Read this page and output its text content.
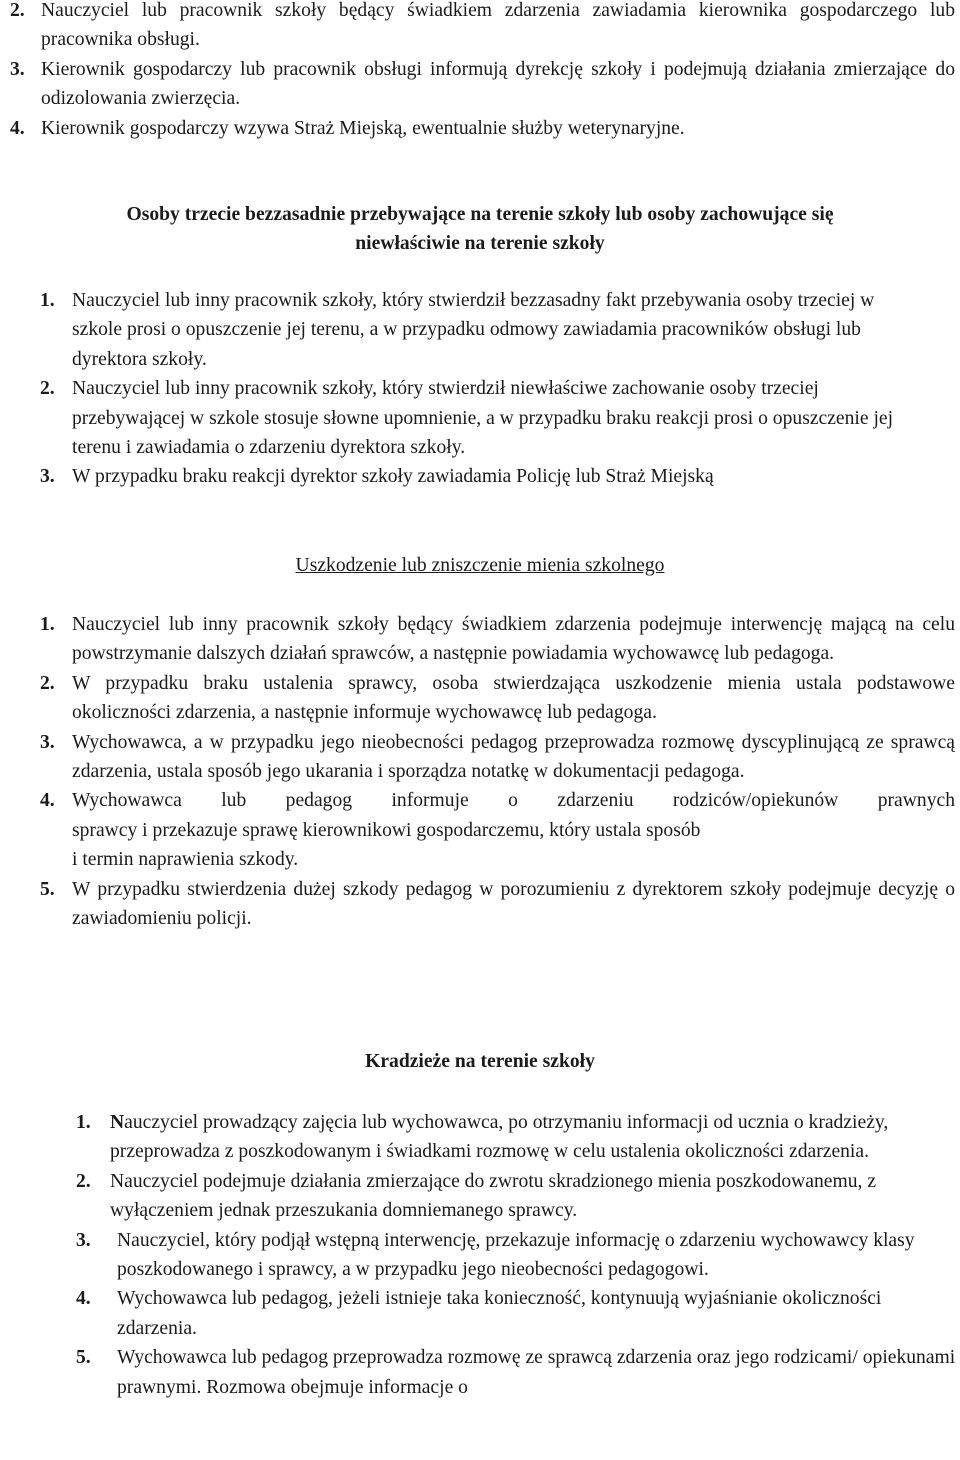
2. Nauczyciel lub pracownik szkoły będący świadkiem zdarzenia zawiadamia kierownika gospodarczego lub pracownika obsługi.
3. Kierownik gospodarczy lub pracownik obsługi informują dyrekcję szkoły i podejmują działania zmierzające do odizolowania zwierzęcia.
4. Kierownik gospodarczy wzywa Straż Miejską, ewentualnie służby weterynaryjne.
Osoby trzecie bezzasadnie przebywające na terenie szkoły lub osoby zachowujące się
niewłaściwie na terenie szkoły
1. Nauczyciel lub inny pracownik szkoły, który stwierdził bezzasadny fakt przebywania osoby trzeciej w szkole prosi o opuszczenie jej terenu, a w przypadku odmowy zawiadamia pracowników obsługi lub dyrektora szkoły.
2. Nauczyciel lub inny pracownik szkoły, który stwierdził niewłaściwe zachowanie osoby trzeciej przebywającej w szkole stosuje słowne upomnienie, a w przypadku braku reakcji prosi o opuszczenie jej terenu i zawiadamia o zdarzeniu dyrektora szkoły.
3. W przypadku braku reakcji dyrektor szkoły zawiadamia Policję lub Straż Miejską
Uszkodzenie lub zniszczenie mienia szkolnego
1. Nauczyciel lub inny pracownik szkoły będący świadkiem zdarzenia podejmuje interwencję mającą na celu powstrzymanie dalszych działań sprawców, a następnie powiadamia wychowawcę lub pedagoga.
2. W przypadku braku ustalenia sprawcy, osoba stwierdzająca uszkodzenie mienia ustala podstawowe okoliczności zdarzenia, a następnie informuje wychowawcę lub pedagoga.
3. Wychowawca, a w przypadku jego nieobecności pedagog przeprowadza rozmowę dyscyplinującą ze sprawcą zdarzenia, ustala sposób jego ukarania i sporządza notatkę w dokumentacji pedagoga.
4. Wychowawca lub pedagog informuje o zdarzeniu rodziców/opiekunów prawnych
sprawcy i przekazuje sprawę kierownikowi gospodarczemu, który ustala sposób
i termin naprawienia szkody.
5. W przypadku stwierdzenia dużej szkody pedagog w porozumieniu z dyrektorem szkoły podejmuje decyzję o zawiadomieniu policji.
Kradzieże na terenie szkoły
1. Nauczyciel prowadzący zajęcia lub wychowawca, po otrzymaniu informacji od ucznia o kradzieży, przeprowadza z poszkodowanym i świadkami rozmowę w celu ustalenia okoliczności zdarzenia.
2. Nauczyciel podejmuje działania zmierzające do zwrotu skradzionego mienia poszkodowanemu, z wyłączeniem jednak przeszukania domniemanego sprawcy.
3. Nauczyciel, który podjął wstępną interwencję, przekazuje informację o zdarzeniu wychowawcy klasy poszkodowanego i sprawcy, a w przypadku jego nieobecności pedagogowi.
4. Wychowawca lub pedagog, jeżeli istnieje taka konieczność, kontynuują wyjaśnianie okoliczności zdarzenia.
5. Wychowawca lub pedagog przeprowadza rozmowę ze sprawcą zdarzenia oraz jego rodzicami/ opiekunami prawnymi. Rozmowa obejmuje informacje o
